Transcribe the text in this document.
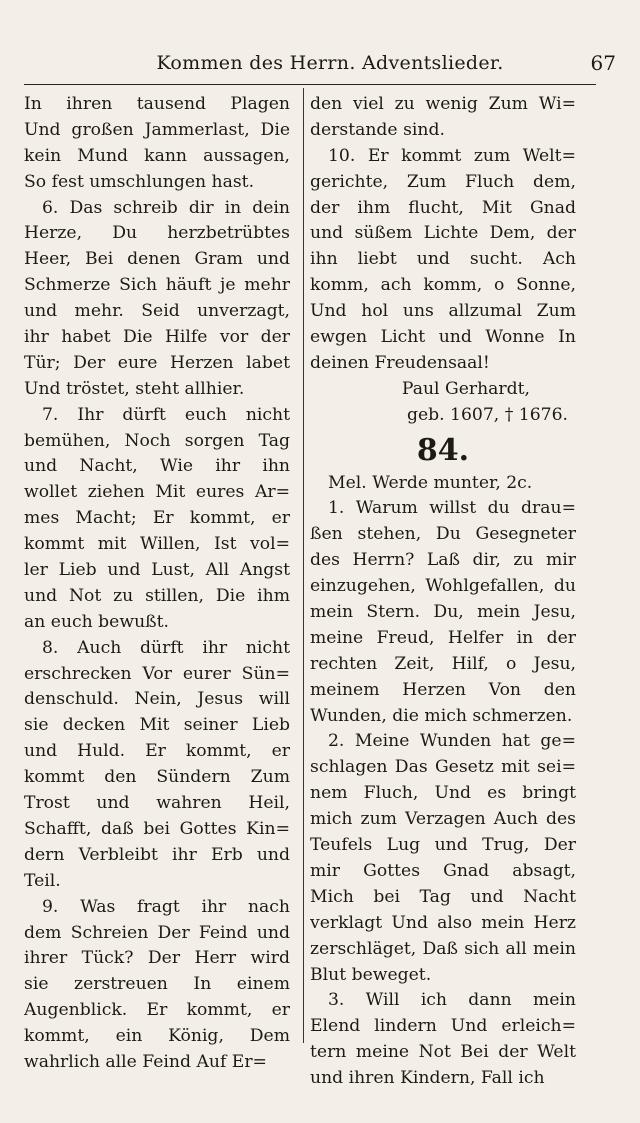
Kommen des Herrn. Adventslieder.	67
In ihren tausend Plagen
Und großen Jammerlast, Die
kein Mund kann aussagen,
So fest umschlungen hast.
6. Das schreib dir in dein
Herze, Du herzbetrübtes
Heer, Bei denen Gram und
Schmerze Sich häuft je mehr
und mehr. Seid unverzagt,
ihr habet Die Hilfe vor der
Tür; Der eure Herzen labet
Und tröstet, steht allhier.
7. Ihr dürft euch nicht
bemühen, Noch sorgen Tag
und Nacht, Wie ihr ihn
wollet ziehen Mit eures Ar=
mes Macht; Er kommt, er
kommt mit Willen, Ist vol=
ler Lieb und Lust, All Angst
und Not zu stillen, Die ihm
an euch bewußt.
8. Auch dürft ihr nicht
erschrecken Vor eurer Sün=
denschuld. Nein, Jesus will
sie decken Mit seiner Lieb
und Huld. Er kommt, er
kommt den Sündern Zum
Trost und wahren Heil,
Schafft, daß bei Gottes Kin=
dern Verbleibt ihr Erb und
Teil.
9. Was fragt ihr nach
dem Schreien Der Feind und
ihrer Tück? Der Herr wird
sie zerstreuen In einem
Augenblick. Er kommt, er
kommt, ein König, Dem
wahrlich alle Feind Auf Er=
den viel zu wenig Zum Wi=
derstande sind.
10. Er kommt zum Welt=
gerichte, Zum Fluch dem,
der ihm flucht, Mit Gnad
und süßem Lichte Dem, der
ihn liebt und sucht. Ach
komm, ach komm, o Sonne,
Und hol uns allzumal Zum
ewgen Licht und Wonne In
deinen Freudensaal!
Paul Gerhardt,
geb. 1607, † 1676.
84.
Mel. Werde munter, 2c.
1. Warum willst du drau=
ßen stehen, Du Gesegneter
des Herrn? Laß dir, zu mir
einzugehen, Wohlgefallen, du
mein Stern. Du, mein Jesu,
meine Freud, Helfer in der
rechten Zeit, Hilf, o Jesu,
meinem Herzen Von den
Wunden, die mich schmerzen.
2. Meine Wunden hat ge=
schlagen Das Gesetz mit sei=
nem Fluch, Und es bringt
mich zum Verzagen Auch des
Teufels Lug und Trug, Der
mir Gottes Gnad absagt,
Mich bei Tag und Nacht
verklagt Und also mein Herz
zerschläget, Daß sich all mein
Blut beweget.
3. Will ich dann mein
Elend lindern Und erleich=
tern meine Not Bei der Welt
und ihren Kindern, Fall ich
